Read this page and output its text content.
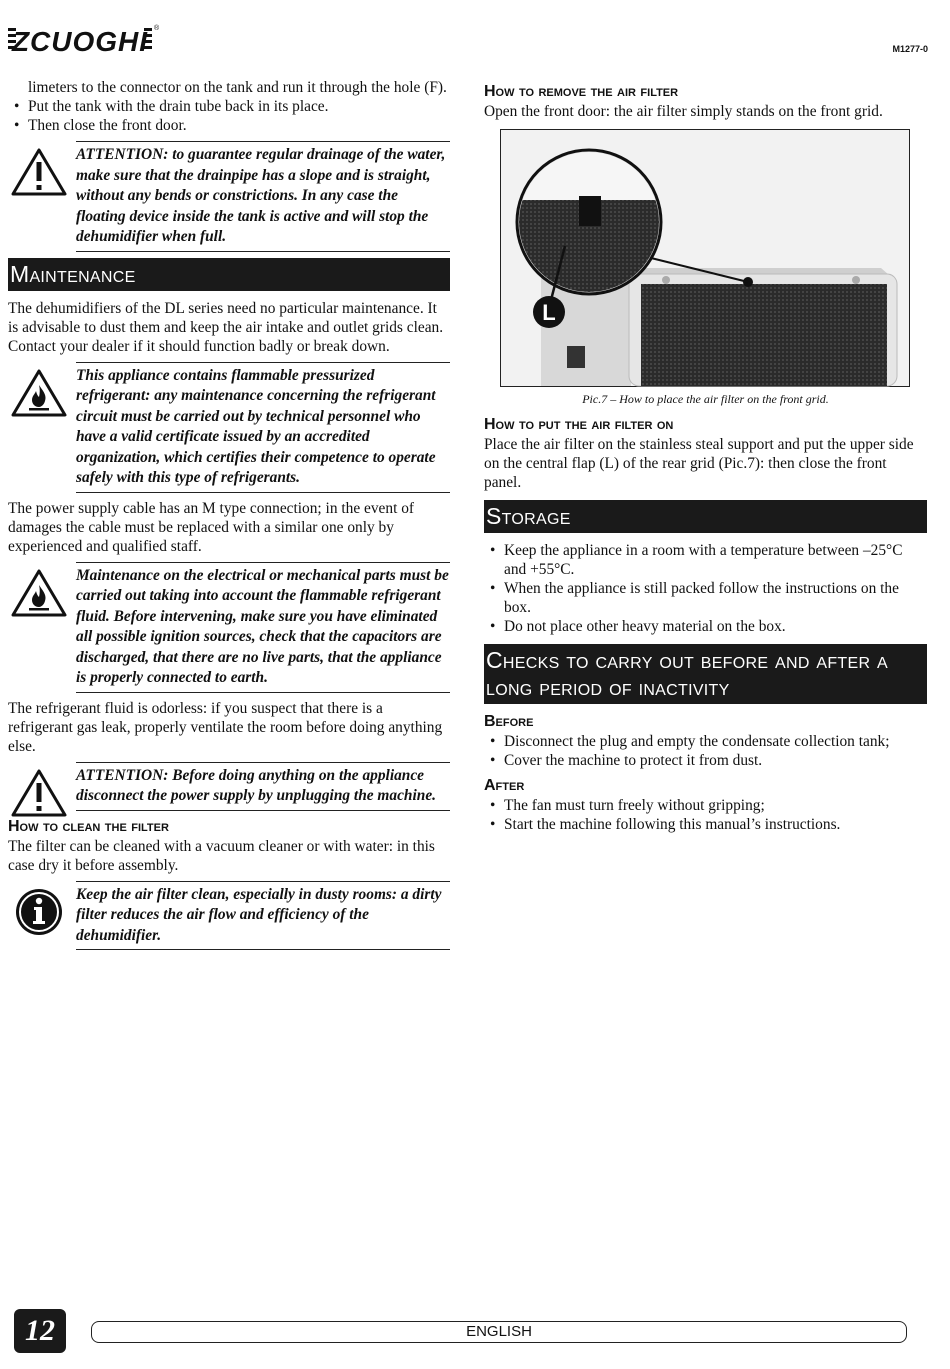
ZCUOGHI ®
M1277-0

limeters to the connector on the tank and run it through the hole (F).

• Put the tank with the drain tube back in its place.
• Then close the front door.
ATTENTION: to guarantee regular drainage of the water, make sure that the drainpipe has a slope and is straight, without any bends or constrictions. In any case the floating device inside the tank is active and will stop the dehumidifier when full.
Maintenance

The dehumidifiers of the DL series need no particular maintenance. It is advisable to dust them and keep the air intake and outlet grids clean. Contact your dealer if it should function badly or break down.

This appliance contains flammable pressurized refrigerant: any maintenance concerning the refrigerant circuit must be carried out by technical personnel who have a valid certificate issued by an accredited organization, which certifies their competence to operate safely with this type of refrigerants.

The power supply cable has an M type connection; in the event of damages the cable must be replaced with a similar one only by experienced and qualified staff.

Maintenance on the electrical or mechanical parts must be carried out taking into account the flammable refrigerant fluid. Before intervening, make sure you have eliminated all possible ignition sources, check that the capacitors are discharged, that there are no live parts, that the appliance is properly connected to earth.

The refrigerant fluid is odorless: if you suspect that there is a refrigerant gas leak, properly ventilate the room before doing anything else.

ATTENTION: Before doing anything on the appliance disconnect the power supply by unplugging the machine.
How to clean the filter

The filter can be cleaned with a vacuum cleaner or with water: in this case dry it before assembly.

Keep the air filter clean, especially in dusty rooms: a dirty filter reduces the air flow and efficiency of the dehumidifier.
How to remove the air filter

Open the front door: the air filter simply stands on the front grid.

L
Pic.7 – How to place the air filter on the front grid.
How to put the air filter on

Place the air filter on the stainless steal support and put the upper side on the central flap (L) of the rear grid (Pic.7): then close the front panel.

Storage
• Keep the appliance in a room with a temperature between –25°C and +55°C.
• When the appliance is still packed follow the instructions on the box.
• Do not place other heavy material on the box.
Checks to carry out before and after a long period of inactivity
Before
• Disconnect the plug and empty the condensate collection tank;
• Cover the machine to protect it from dust.
After
• The fan must turn freely without gripping;
• Start the machine following this manual’s instructions.
12	ENGLISH
